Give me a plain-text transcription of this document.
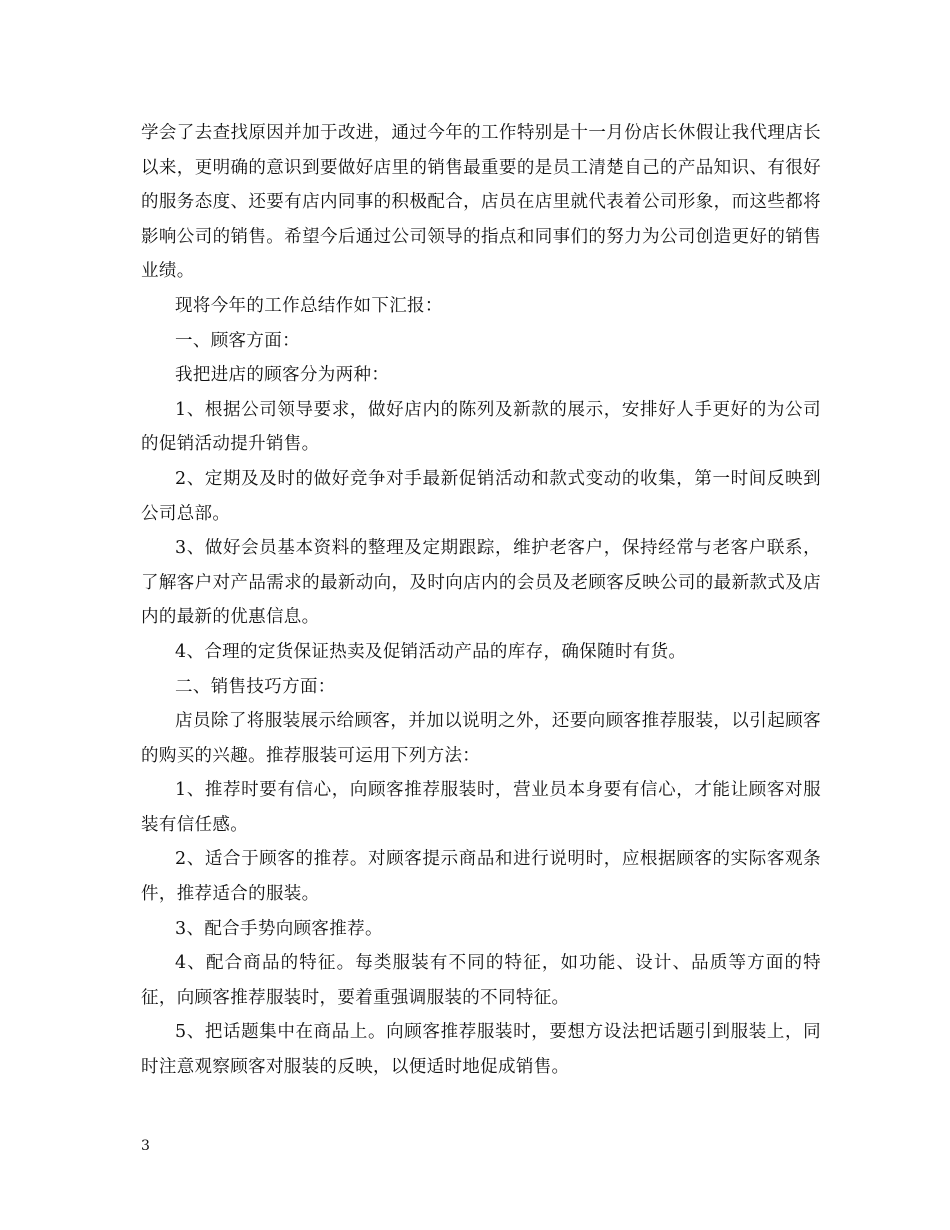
学会了去查找原因并加于改进，通过今年的工作特别是十一月份店长休假让我代理店长以来，更明确的意识到要做好店里的销售最重要的是员工清楚自己的产品知识、有很好的服务态度、还要有店内同事的积极配合，店员在店里就代表着公司形象，而这些都将影响公司的销售。希望今后通过公司领导的指点和同事们的努力为公司创造更好的销售业绩。

现将今年的工作总结作如下汇报：

一、顾客方面：

我把进店的顾客分为两种：

1、根据公司领导要求，做好店内的陈列及新款的展示，安排好人手更好的为公司的促销活动提升销售。

2、定期及及时的做好竞争对手最新促销活动和款式变动的收集，第一时间反映到公司总部。

3、做好会员基本资料的整理及定期跟踪，维护老客户，保持经常与老客户联系，了解客户对产品需求的最新动向，及时向店内的会员及老顾客反映公司的最新款式及店内的最新的优惠信息。

4、合理的定货保证热卖及促销活动产品的库存，确保随时有货。

二、销售技巧方面：

店员除了将服装展示给顾客，并加以说明之外，还要向顾客推荐服装，以引起顾客的购买的兴趣。推荐服装可运用下列方法：

1、推荐时要有信心，向顾客推荐服装时，营业员本身要有信心，才能让顾客对服装有信任感。

2、适合于顾客的推荐。对顾客提示商品和进行说明时，应根据顾客的实际客观条件，推荐适合的服装。

3、配合手势向顾客推荐。

4、配合商品的特征。每类服装有不同的特征，如功能、设计、品质等方面的特征，向顾客推荐服装时，要着重强调服装的不同特征。

5、把话题集中在商品上。向顾客推荐服装时，要想方设法把话题引到服装上，同时注意观察顾客对服装的反映，以便适时地促成销售。

3
